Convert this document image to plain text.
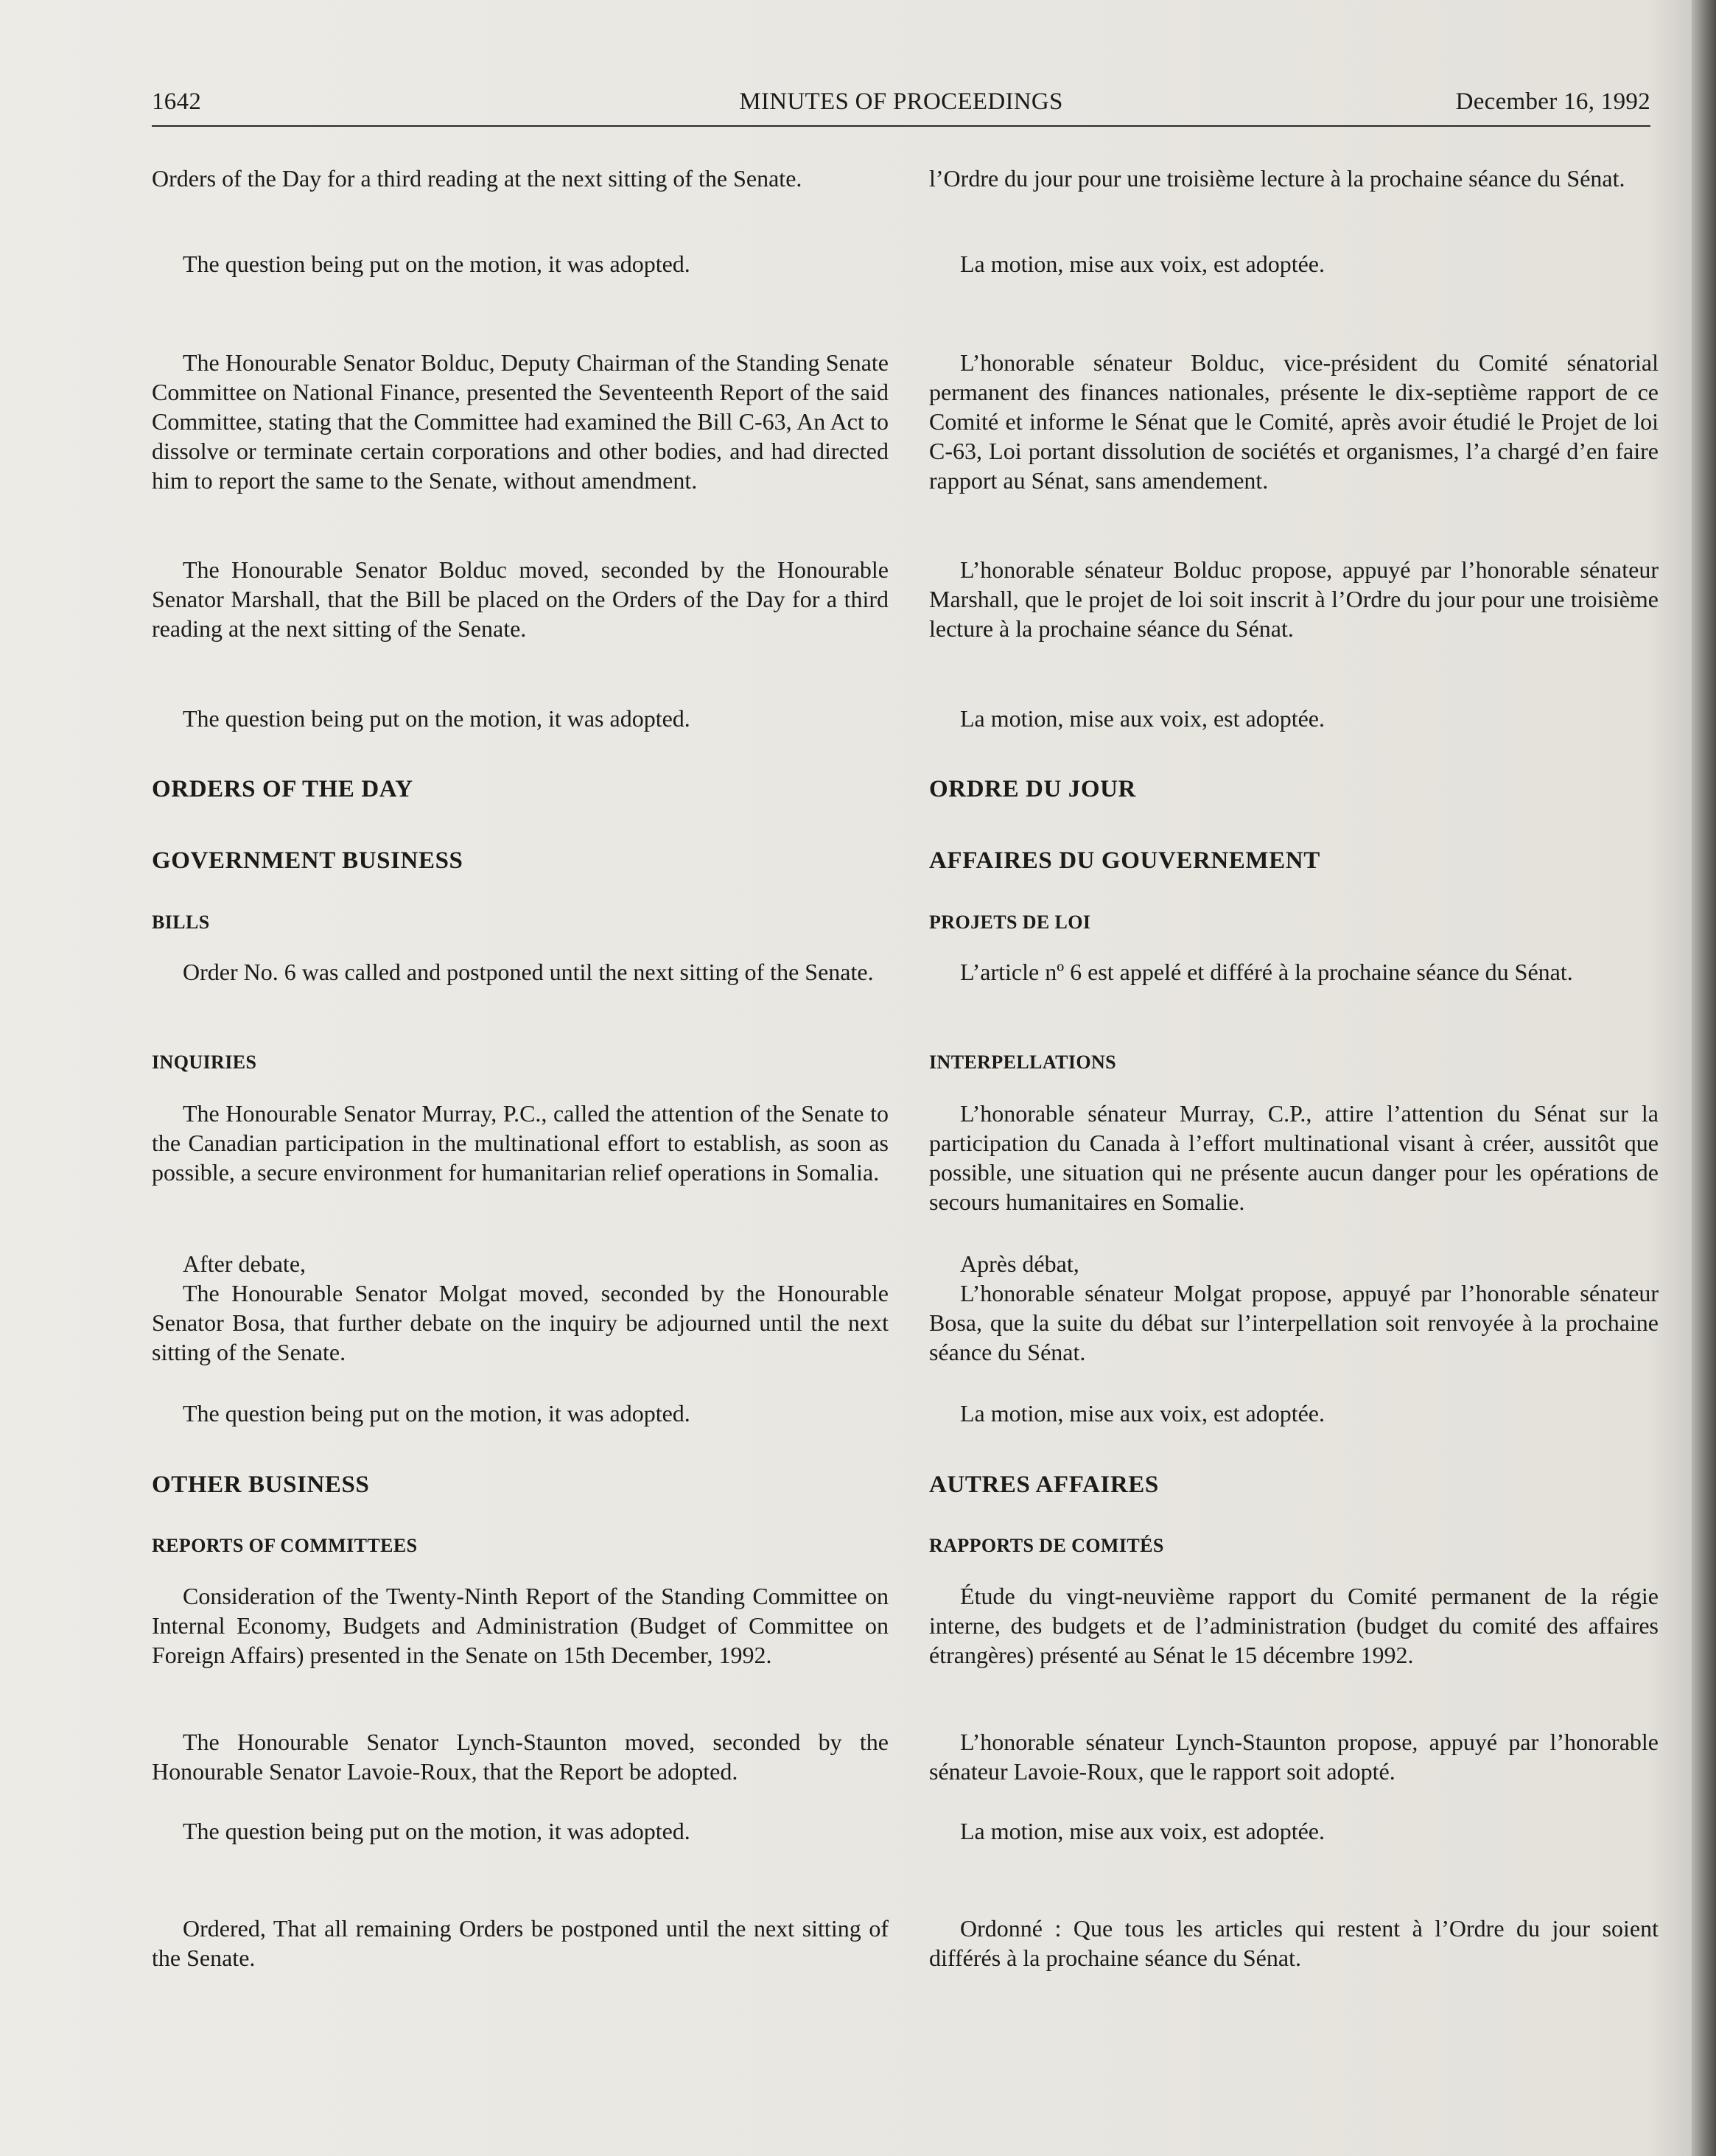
1642	MINUTES OF PROCEEDINGS	December 16, 1992

Orders of the Day for a third reading at the next sitting of the Senate.

The question being put on the motion, it was adopted.

The Honourable Senator Bolduc, Deputy Chairman of the Standing Senate Committee on National Finance, presented the Seventeenth Report of the said Committee, stating that the Committee had examined the Bill C-63, An Act to dissolve or terminate certain corporations and other bodies, and had directed him to report the same to the Senate, without amendment.

The Honourable Senator Bolduc moved, seconded by the Honourable Senator Marshall, that the Bill be placed on the Orders of the Day for a third reading at the next sitting of the Senate.

The question being put on the motion, it was adopted.

ORDERS OF THE DAY
GOVERNMENT BUSINESS
BILLS

Order No. 6 was called and postponed until the next sitting of the Senate.

INQUIRIES

The Honourable Senator Murray, P.C., called the attention of the Senate to the Canadian participation in the multinational effort to establish, as soon as possible, a secure environment for humanitarian relief operations in Somalia.

After debate,

The Honourable Senator Molgat moved, seconded by the Honourable Senator Bosa, that further debate on the inquiry be adjourned until the next sitting of the Senate.

The question being put on the motion, it was adopted.

OTHER BUSINESS
REPORTS OF COMMITTEES

Consideration of the Twenty-Ninth Report of the Standing Committee on Internal Economy, Budgets and Administration (Budget of Committee on Foreign Affairs) presented in the Senate on 15th December, 1992.

The Honourable Senator Lynch-Staunton moved, seconded by the Honourable Senator Lavoie-Roux, that the Report be adopted.

The question being put on the motion, it was adopted.

Ordered, That all remaining Orders be postponed until the next sitting of the Senate.

l’Ordre du jour pour une troisième lecture à la prochaine séance du Sénat.

La motion, mise aux voix, est adoptée.

L’honorable sénateur Bolduc, vice-président du Comité sénatorial permanent des finances nationales, présente le dix-septième rapport de ce Comité et informe le Sénat que le Comité, après avoir étudié le Projet de loi C-63, Loi portant dissolution de sociétés et organismes, l’a chargé d’en faire rapport au Sénat, sans amendement.

L’honorable sénateur Bolduc propose, appuyé par l’honorable sénateur Marshall, que le projet de loi soit inscrit à l’Ordre du jour pour une troisième lecture à la prochaine séance du Sénat.

La motion, mise aux voix, est adoptée.

ORDRE DU JOUR
AFFAIRES DU GOUVERNEMENT
PROJETS DE LOI

L’article nº 6 est appelé et différé à la prochaine séance du Sénat.

INTERPELLATIONS

L’honorable sénateur Murray, C.P., attire l’attention du Sénat sur la participation du Canada à l’effort multinational visant à créer, aussitôt que possible, une situation qui ne présente aucun danger pour les opérations de secours humanitaires en Somalie.

Après débat,

L’honorable sénateur Molgat propose, appuyé par l’honorable sénateur Bosa, que la suite du débat sur l’interpellation soit renvoyée à la prochaine séance du Sénat.

La motion, mise aux voix, est adoptée.

AUTRES AFFAIRES
RAPPORTS DE COMITÉS

Étude du vingt-neuvième rapport du Comité permanent de la régie interne, des budgets et de l’administration (budget du comité des affaires étrangères) présenté au Sénat le 15 décembre 1992.

L’honorable sénateur Lynch-Staunton propose, appuyé par l’honorable sénateur Lavoie-Roux, que le rapport soit adopté.

La motion, mise aux voix, est adoptée.

Ordonné : Que tous les articles qui restent à l’Ordre du jour soient différés à la prochaine séance du Sénat.
